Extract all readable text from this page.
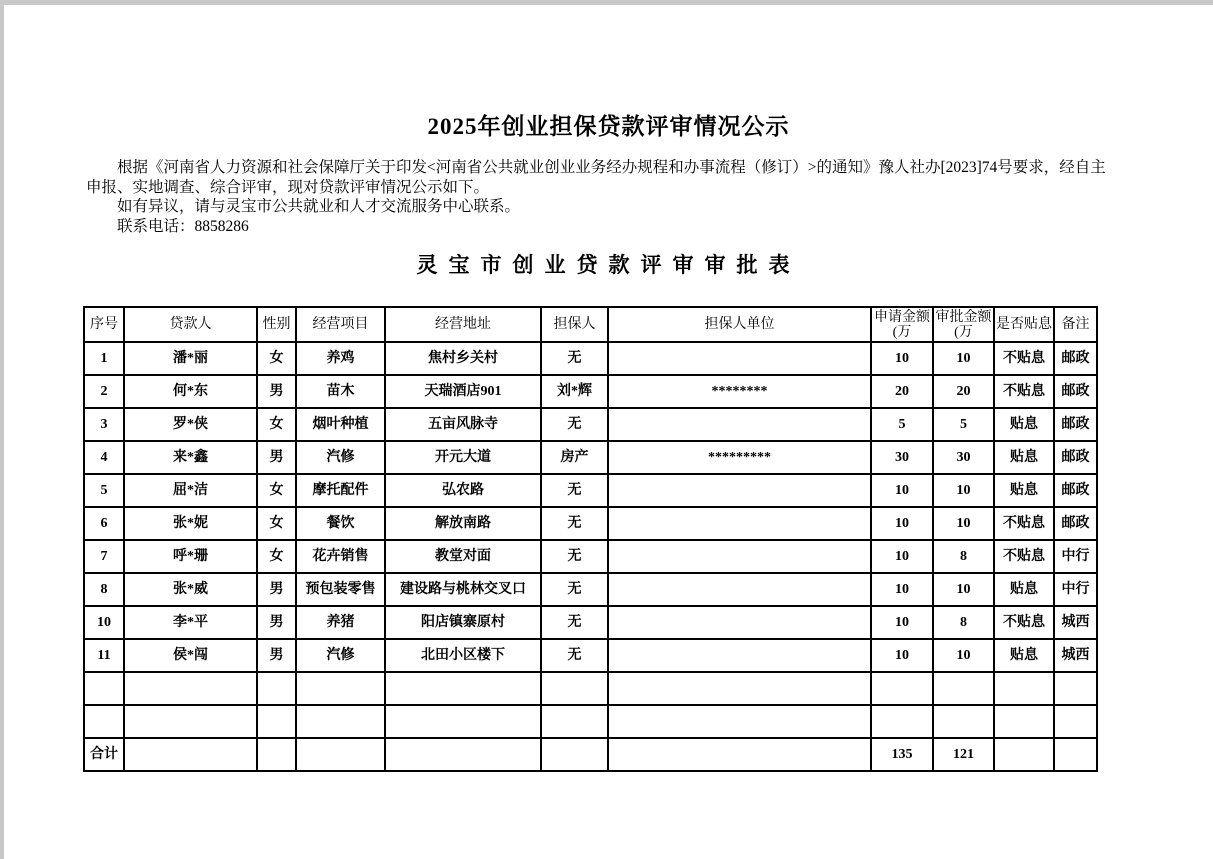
2025年创业担保贷款评审情况公示

根据《河南省人力资源和社会保障厅关于印发<河南省公共就业创业业务经办规程和办事流程（修订）>的通知》豫人社办[2023]74号要求，经自主申报、实地调查、综合评审，现对贷款评审情况公示如下。

如有异议，请与灵宝市公共就业和人才交流服务中心联系。

联系电话：8858286

灵宝市创业贷款评审审批表
序号	贷款人	性别	经营项目	经营地址	担保人	担保人单位	申请金额(万	审批金额(万	是否贴息	备注
1	潘*丽	女	养鸡	焦村乡关村	无		10	10	不贴息	邮政
2	何*东	男	苗木	天瑞酒店901	刘*辉	********	20	20	不贴息	邮政
3	罗*侠	女	烟叶种植	五亩风脉寺	无		5	5	贴息	邮政
4	来*鑫	男	汽修	开元大道	房产	*********	30	30	贴息	邮政
5	屈*洁	女	摩托配件	弘农路	无		10	10	贴息	邮政
6	张*妮	女	餐饮	解放南路	无		10	10	不贴息	邮政
7	呼*珊	女	花卉销售	教堂对面	无		10	8	不贴息	中行
8	张*威	男	预包装零售	建设路与桃林交叉口	无		10	10	贴息	中行
10	李*平	男	养猪	阳店镇寨原村	无		10	8	不贴息	城西
11	侯*闯	男	汽修	北田小区楼下	无		10	10	贴息	城西

合计							135	121		
